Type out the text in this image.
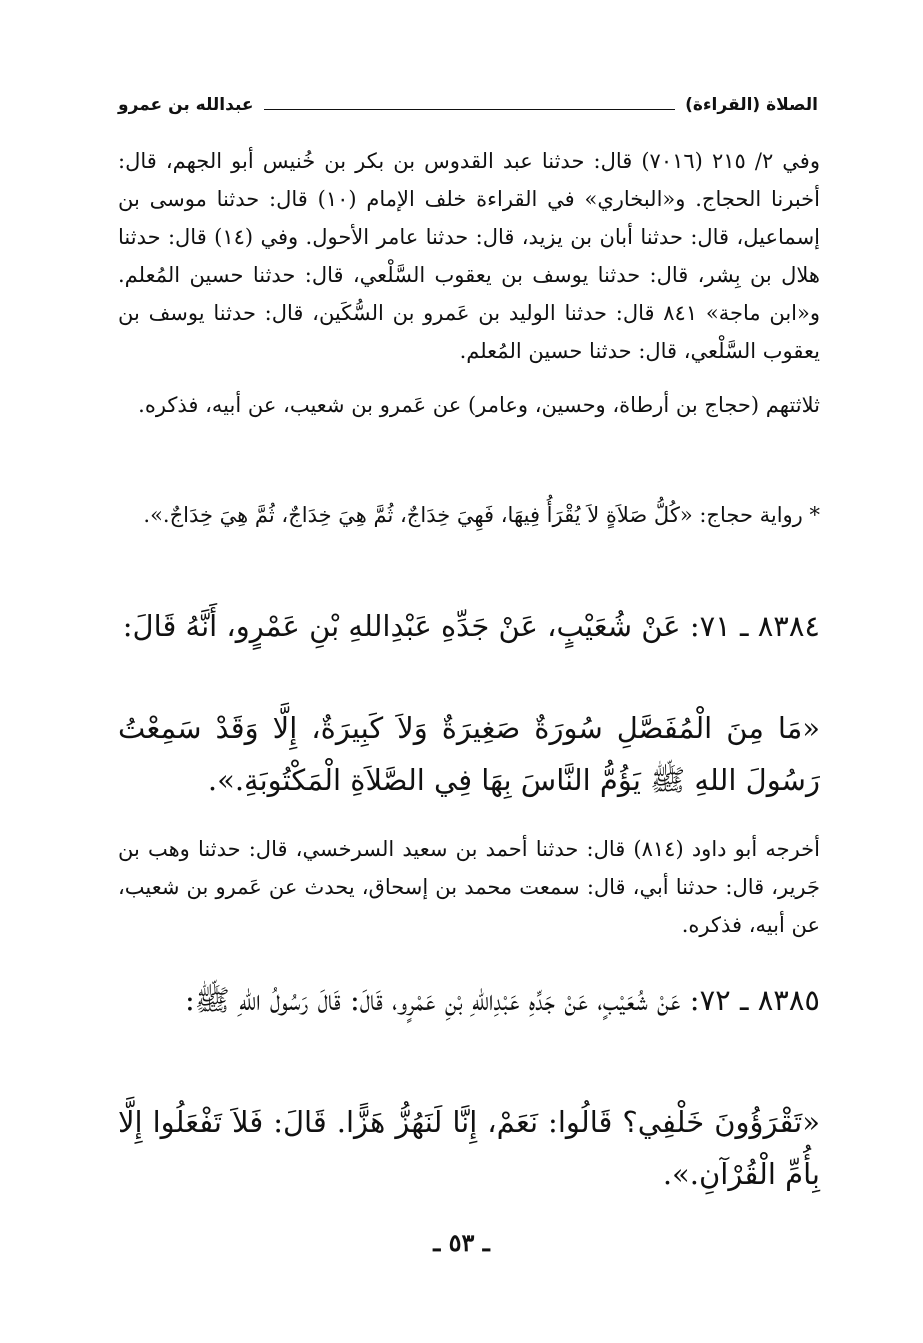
الصلاة (القراءة)
عبدالله بن عمرو
وفي ٢/ ٢١٥ (٧٠١٦) قال: حدثنا عبد القدوس بن بكر بن خُنيس أبو الجهم، قال: أخبرنا الحجاج. و«البخاري» في القراءة خلف الإمام (١٠) قال: حدثنا موسى بن إسماعيل، قال: حدثنا أبان بن يزيد، قال: حدثنا عامر الأحول. وفي (١٤) قال: حدثنا هلال بن بِشر، قال: حدثنا يوسف بن يعقوب السَّلْعي، قال: حدثنا حسين المُعلم. و«ابن ماجة» ٨٤١ قال: حدثنا الوليد بن عَمرو بن السُّكَين، قال: حدثنا يوسف بن يعقوب السَّلْعي، قال: حدثنا حسين المُعلم.
ثلاثتهم (حجاج بن أرطاة، وحسين، وعامر) عن عَمرو بن شعيب، عن أبيه، فذكره.
* رواية حجاج: «كُلُّ صَلاَةٍ لاَ يُقْرَأُ فِيهَا، فَهِيَ خِدَاجٌ، ثُمَّ هِيَ خِدَاجٌ، ثُمَّ هِيَ خِدَاجٌ.».
٨٣٨٤ ـ ٧١: عَنْ شُعَيْبٍ، عَنْ جَدِّهِ عَبْدِاللهِ بْنِ عَمْرٍو، أَنَّهُ قَالَ:
«مَا مِنَ الْمُفَصَّلِ سُورَةٌ صَغِيرَةٌ وَلاَ كَبِيرَةٌ، إِلَّا وَقَدْ سَمِعْتُ رَسُولَ اللهِ ﷺ يَؤُمُّ النَّاسَ بِهَا فِي الصَّلاَةِ الْمَكْتُوبَةِ.».
أخرجه أبو داود (٨١٤) قال: حدثنا أحمد بن سعيد السرخسي، قال: حدثنا وهب بن جَرير، قال: حدثنا أبي، قال: سمعت محمد بن إسحاق، يحدث عن عَمرو بن شعيب، عن أبيه، فذكره.
٨٣٨٥ ـ ٧٢: عَنْ شُعَيْبٍ، عَنْ جَدِّهِ عَبْدِاللهِ بْنِ عَمْرٍو، قَالَ: قَالَ رَسُولُ اللهِ ﷺ:
«تَقْرَؤُونَ خَلْفِي؟ قَالُوا: نَعَمْ، إِنَّا لَنَهُزُّ هَزًّا. قَالَ: فَلاَ تَفْعَلُوا إِلَّا بِأُمِّ الْقُرْآنِ.».
ـ ٥٣ ـ
